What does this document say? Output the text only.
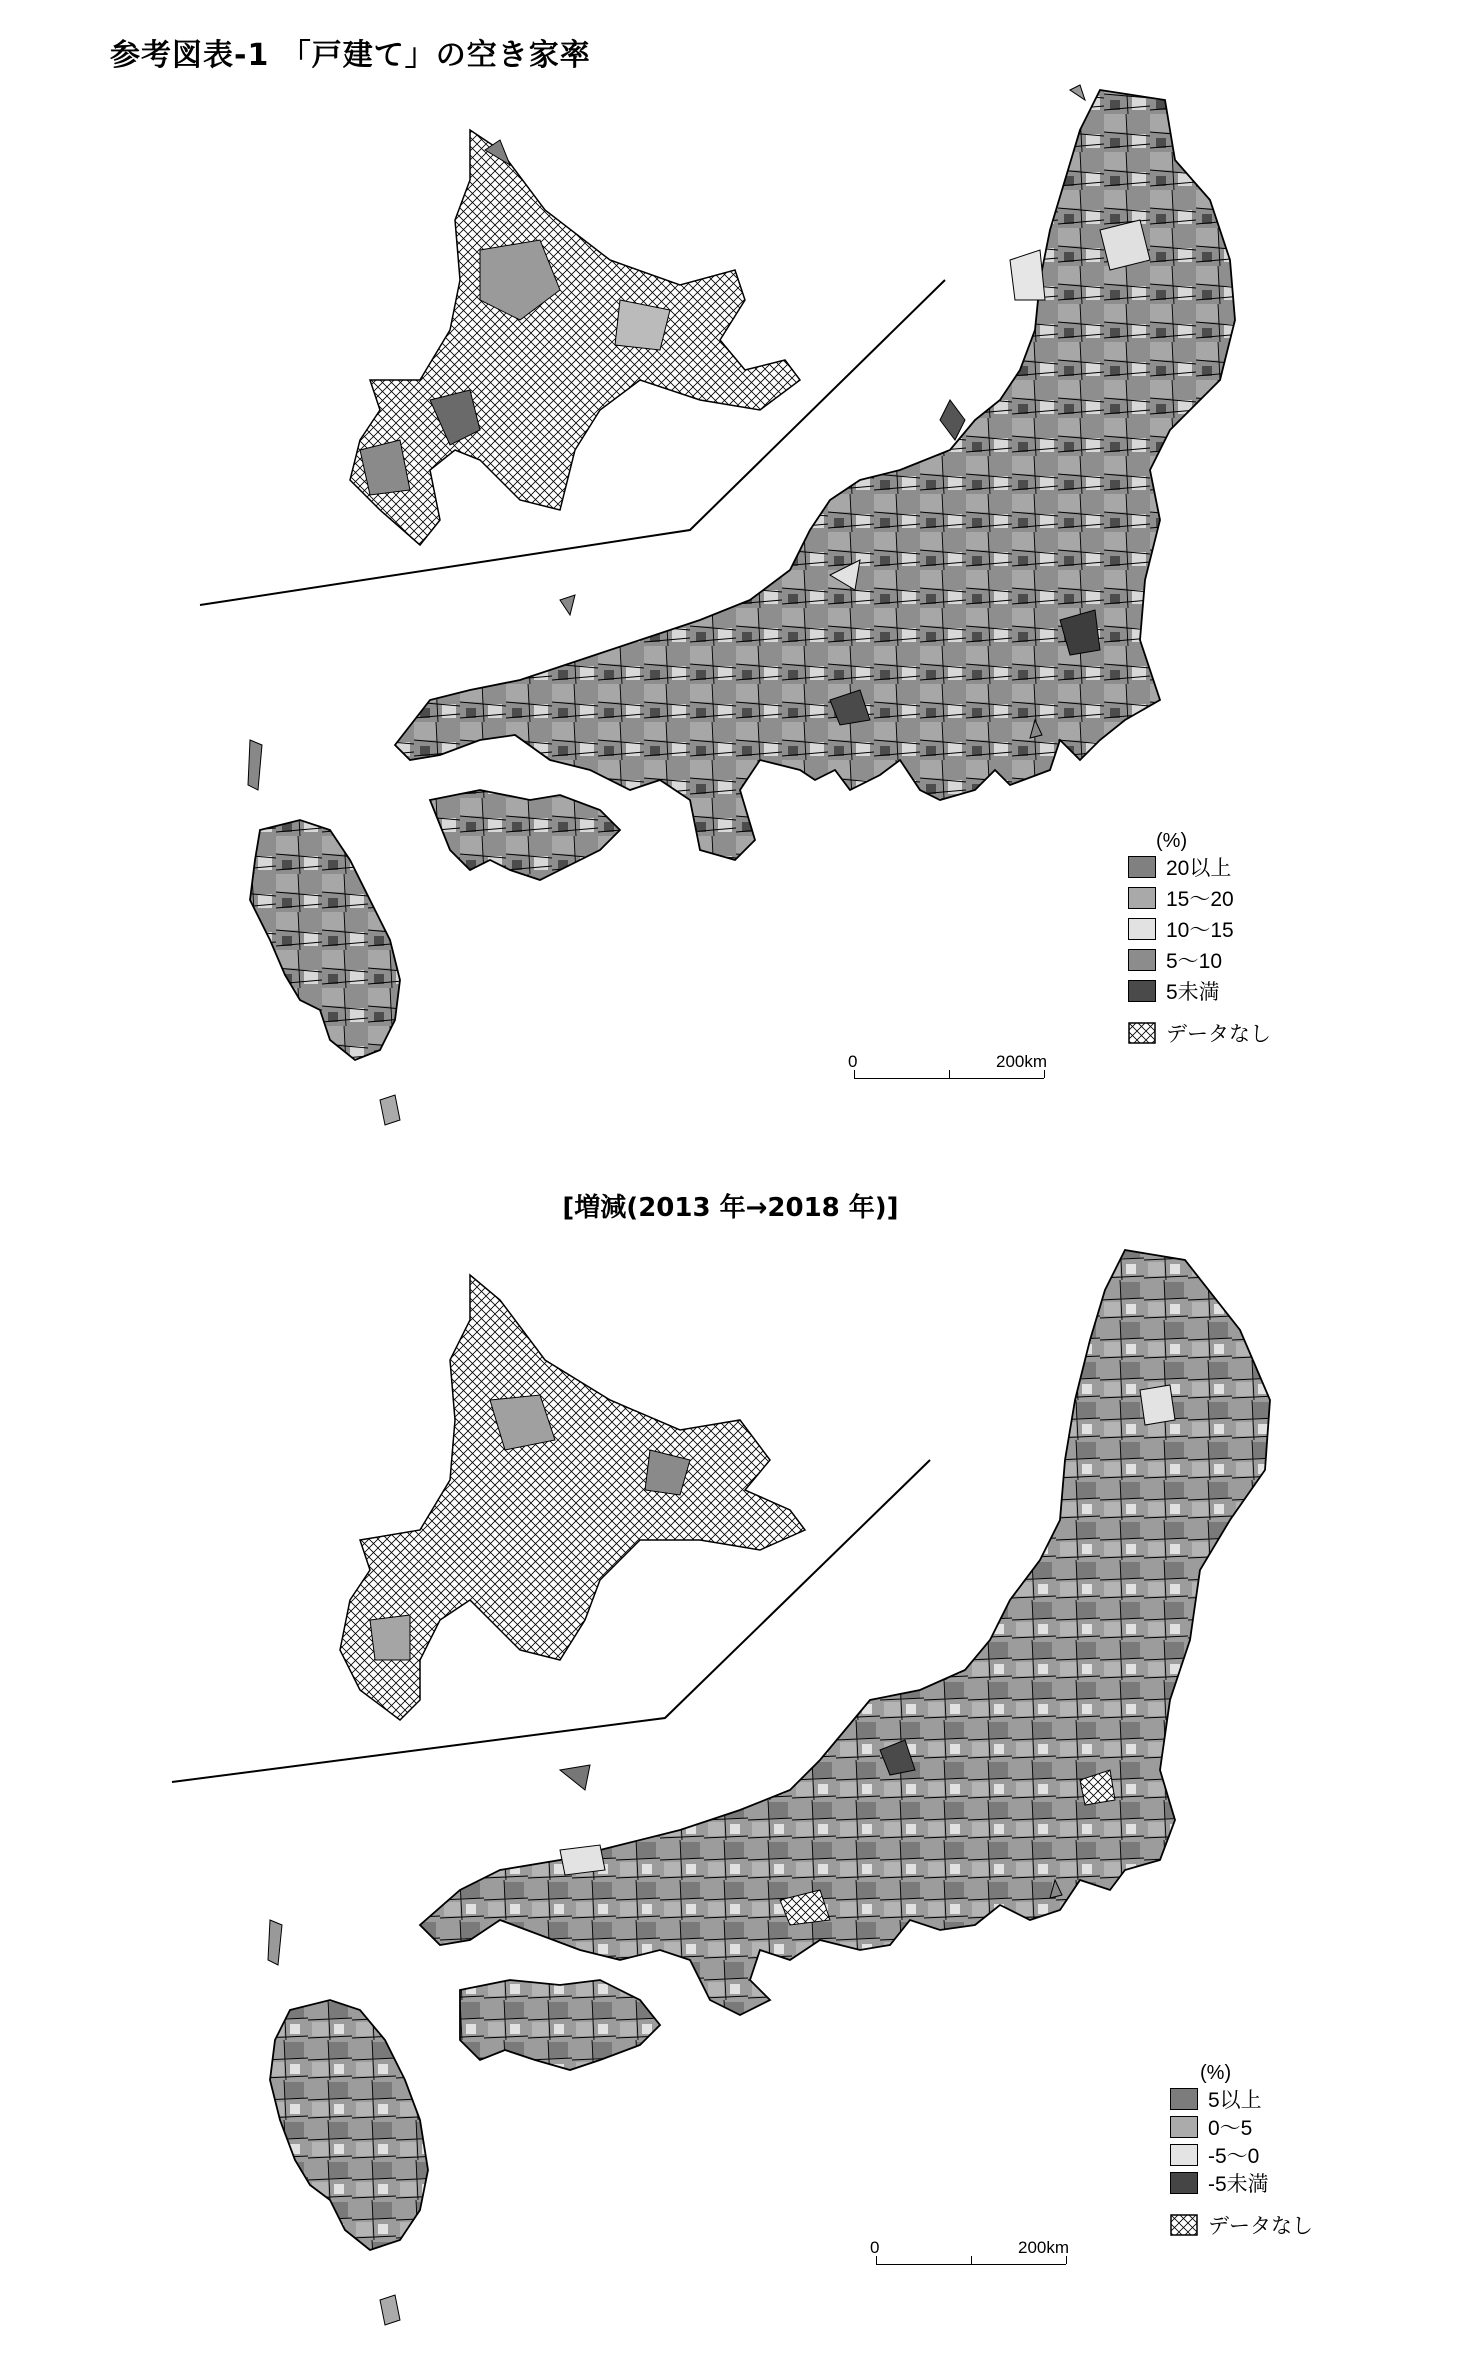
参考図表-1 「戸建て」の空き家率
(%)
20以上
15～20
10～15
5～10
5未満
データなし
0	200km
[増減(2013 年→2018 年)]
(%)
5以上
0～5
-5～0
-5未満
データなし
0	200km
